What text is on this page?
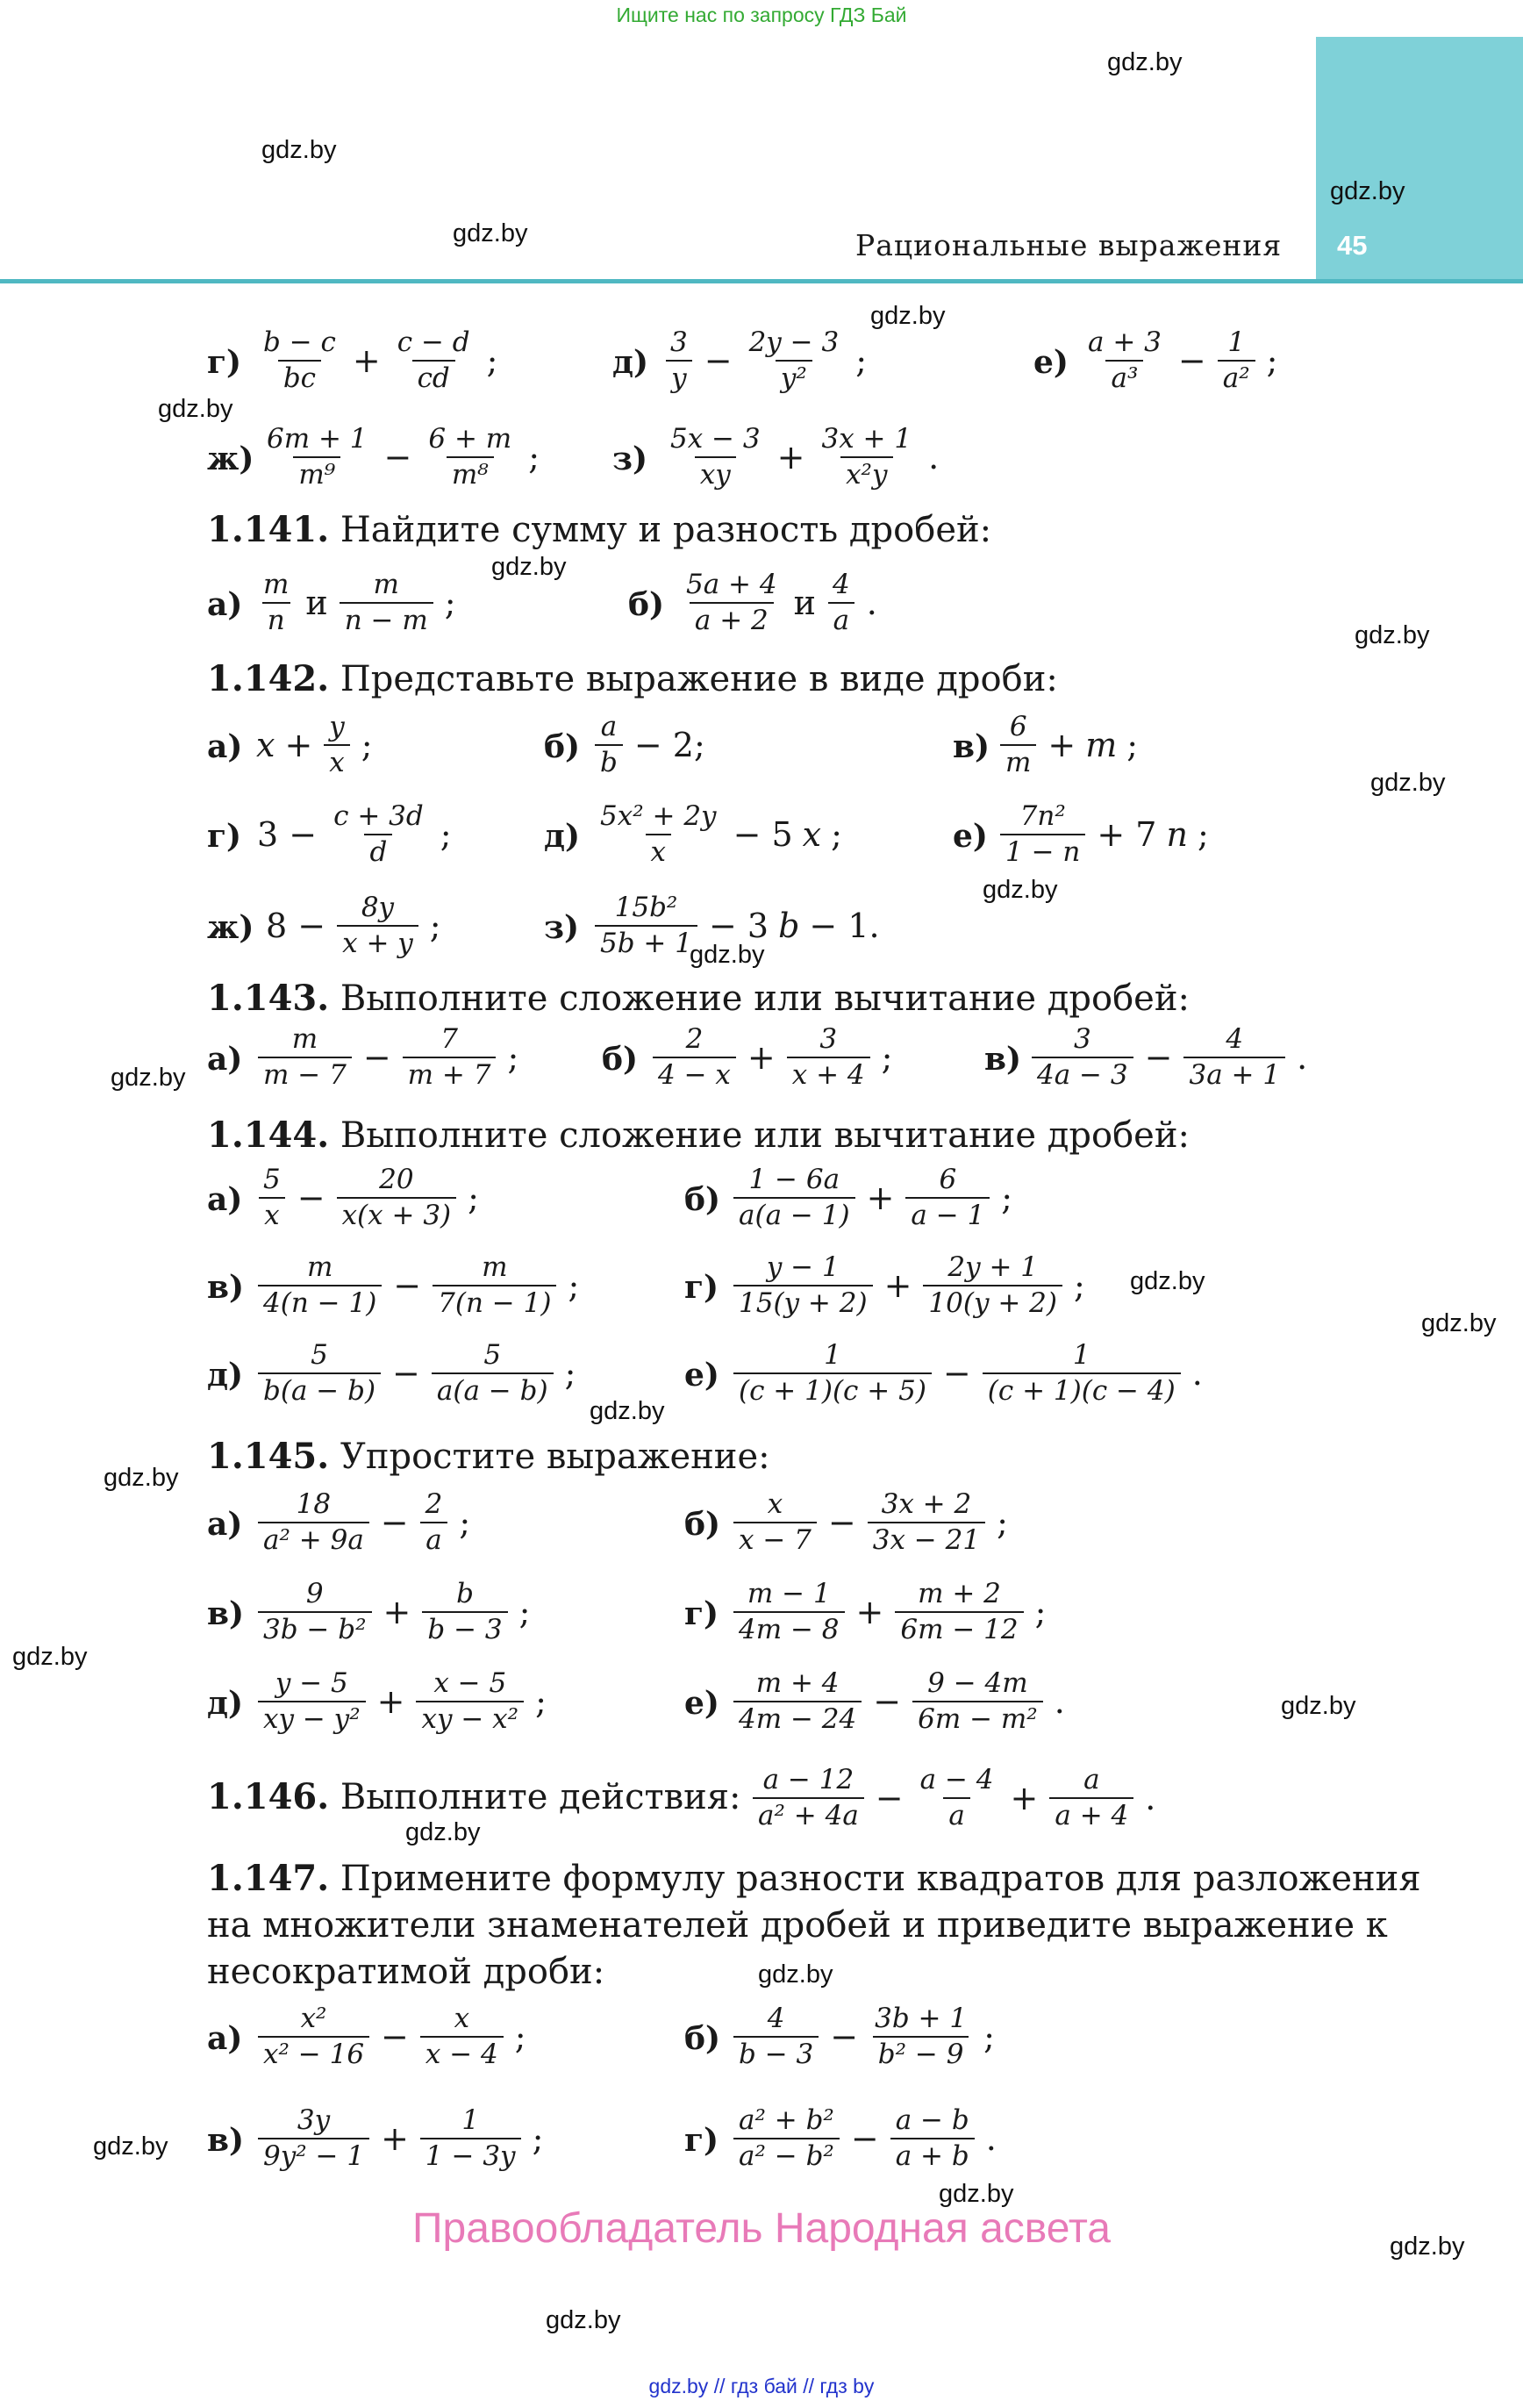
Ищите нас по запросу ГДЗ Бай
45
Рациональные выражения
$г) \frac{b - c}{bc} + \frac{c - d}{cd}$ ;	$д) \frac{3}{y} - \frac{2y - 3}{\text{y²}}$ ;	$е) \frac{a + 3}{\text{a³}} - \frac{1}{\text{a²}}$ ;
$ж) \frac{6m + 1}{\text{m⁹}} - \frac{6 + m}{\text{m⁸}}$ ; $з) \frac{5x - 3}{xy} + \frac{3x + 1}{\text{x²y}}$ .
1.141. Найдите сумму и разность дробей:
$а) \frac{m}{n}$ и $\frac{m}{n - m}$ ;	$б) \frac{5a + 4}{a + 2}$ и $\frac{4}{a}$ .
1.142. Представьте выражение в виде дроби:
а) $x + \frac{y}{x}$ ;	$б) \frac{a}{b} - 2$;	$в) \frac{6}{m} + m$ ;
г) $3 - \frac{c + 3d}{d}$ ;	$д) \frac{\text{5x² + 2y}}{x} - 5$ x ;	$е) \frac{\text{7n²}}{1 - n} + 7$ n ;
ж) $8 - \frac{8y}{x + y}$ ;	$з) \frac{\text{15b²}}{5b + 1} - 3$ b − 1.
1.143. Выполните сложение или вычитание дробей:
$а) \frac{m}{m - 7} - \frac{7}{m + 7}$ ;	$б) \frac{2}{4 - x} + \frac{3}{x + 4}$ ;	$в) \frac{3}{4a - 3} - \frac{4}{3a + 1}$ .
1.144. Выполните сложение или вычитание дробей:
$а) \frac{5}{x} - \frac{20}{x(x + 3)}$ ;	$б) \frac{1 - 6a}{a(a - 1)} + \frac{6}{a - 1}$ ;
$в) \frac{m}{4(n - 1)} - \frac{m}{7(n - 1)}$ ;	$г) \frac{y - 1}{15(y + 2)} + \frac{2y + 1}{10(y + 2)}$ ;
$д) \frac{5}{b(a - b)} - \frac{5}{a(a - b)}$ ;	$е) \frac{1}{(c + 1)(c + 5)} - \frac{1}{(c + 1)(c - 4)}$ .
1.145. Упростите выражение:
$а) \frac{18}{\text{a² + 9a}} - \frac{2}{a}$ ;	$б) \frac{x}{x - 7} - \frac{3x + 2}{3x - 21}$ ;
$в) \frac{9}{\text{3b − b²}} + \frac{b}{b - 3}$ ;	$г) \frac{m - 1}{4m - 8} + \frac{m + 2}{6m - 12}$ ;
$д) \frac{y - 5}{\text{xy − y²}} + \frac{x - 5}{\text{xy − x²}}$ ;	$е) \frac{m + 4}{4m - 24} - \frac{9 - 4m}{\text{6m − m²}}$ .
1.146. Выполните действия: $\frac{a - 12}{\text{a² + 4a}} - \frac{a - 4}{a} + \frac{a}{a + 4}$ .
1.147. Примените формулу разности квадратов для разложения на множители знаменателей дробей и приведите выражение к несократимой дроби:
$а) \frac{\text{x²}}{\text{x² − 16}} - \frac{x}{x - 4}$ ;	$б) \frac{4}{b - 3} - \frac{3b + 1}{\text{b² − 9}}$ ;
$в) \frac{3y}{\text{9y² − 1}} + \frac{1}{1 - 3y}$ ;	$г) \frac{\text{a² + b²}}{\text{a² − b²}} - \frac{a - b}{a + b}$ .
gdz.by
gdz.by
gdz.by
gdz.by
gdz.by
gdz.by
gdz.by
gdz.by
gdz.by
gdz.by
gdz.by
gdz.by
gdz.by
gdz.by
gdz.by
gdz.by
gdz.by
gdz.by
gdz.by
gdz.by
gdz.by
gdz.by
gdz.by
gdz.by
Правообладатель Народная асвета
gdz.by // гдз бай // гдз by
